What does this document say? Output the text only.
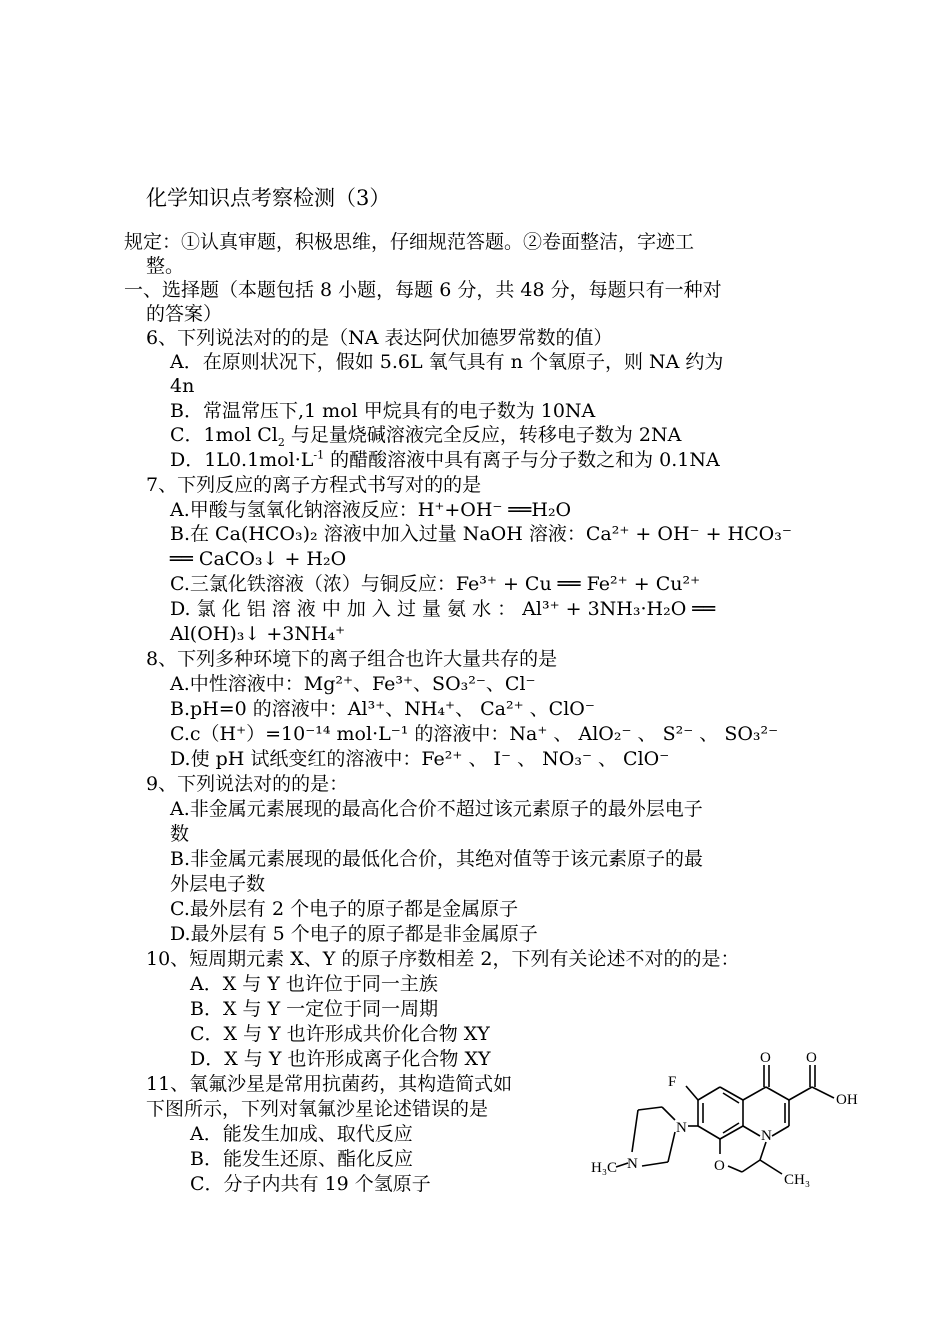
化学知识点考察检测（3）
规定：①认真审题，积极思维，仔细规范答题。②卷面整洁，字迹工
整。
一、选择题（本题包括 8 小题，每题 6 分，共 48 分，每题只有一种对
的答案）
6、下列说法对的的是（NA 表达阿伏加德罗常数的值）
A．在原则状况下，假如 5.6L 氧气具有 n 个氧原子，则 NA 约为
4n
B．常温常压下,1 mol 甲烷具有的电子数为 10NA
C．1mol $Cl_2$ 与足量烧碱溶液完全反应，转移电子数为 2NA
D．$1L0.1mol\cdot L^{-1}$ 的醋酸溶液中具有离子与分子数之和为 0.1NA
7、下列反应的离子方程式书写对的的是
A.甲酸与氢氧化钠溶液反应：H⁺+OH⁻ ══H₂O
B.在 Ca(HCO₃)₂ 溶液中加入过量 NaOH 溶液：Ca²⁺ + OH⁻ + HCO₃⁻
══ CaCO₃↓ + H₂O
C.三氯化铁溶液（浓）与铜反应：Fe³⁺ + Cu ══ Fe²⁺ + Cu²⁺
D. 氯 化 铝 溶 液 中 加 入 过 量 氨 水 ： Al³⁺ + 3NH₃·H₂O ══
Al(OH)₃↓ +3NH₄⁺
8、下列多种环境下的离子组合也许大量共存的是
A.中性溶液中：Mg²⁺、Fe³⁺、SO₃²⁻、Cl⁻
B.pH=0 的溶液中：Al³⁺、NH₄⁺、 Ca²⁺ 、ClO⁻
C.c（H⁺）=10⁻¹⁴ mol·L⁻¹ 的溶液中：Na⁺ 、 AlO₂⁻ 、 S²⁻ 、 SO₃²⁻
D.使 pH 试纸变红的溶液中：Fe²⁺ 、 I⁻ 、 NO₃⁻ 、 ClO⁻
9、下列说法对的的是：
A.非金属元素展现的最高化合价不超过该元素原子的最外层电子
数
B.非金属元素展现的最低化合价，其绝对值等于该元素原子的最
外层电子数
C.最外层有 2 个电子的原子都是金属原子
D.最外层有 5 个电子的原子都是非金属原子
10、短周期元素 X、Y 的原子序数相差 2，下列有关论述不对的的是：
A．X 与 Y 也许位于同一主族
B．X 与 Y 一定位于同一周期
C．X 与 Y 也许形成共价化合物 XY
D．X 与 Y 也许形成离子化合物 XY
11、氧氟沙星是常用抗菌药，其构造简式如
下图所示，下列对氧氟沙星论述错误的是
A．能发生加成、取代反应
B．能发生还原、酯化反应
C．分子内共有 19 个氢原子
O O
OH
F
N	N
N
H₃C	O
CH₃
